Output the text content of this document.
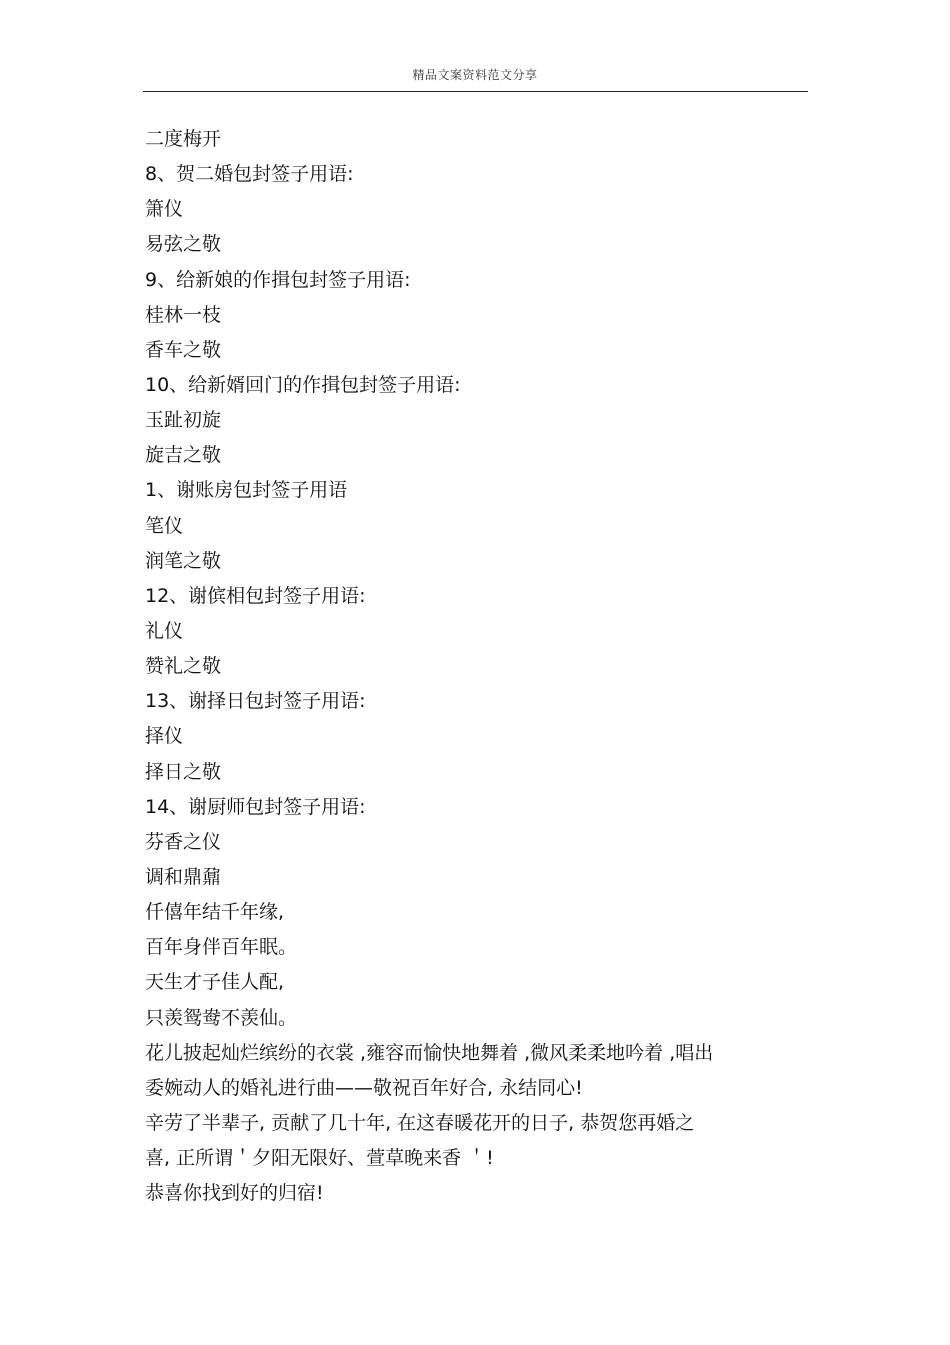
精品文案资料范文分享
二度梅开
8、贺二婚包封签子用语:
箫仪
易弦之敬
9、给新娘的作揖包封签子用语:
桂林一枝
香车之敬
10、给新婿回门的作揖包封签子用语:
玉趾初旋
旋吉之敬
1、谢账房包封签子用语
笔仪
润笔之敬
12、谢傧相包封签子用语:
礼仪
赞礼之敬
13、谢择日包封签子用语:
择仪
择日之敬
14、谢厨师包封签子用语:
芬香之仪
调和鼎鼐
仟僖年结千年缘,
百年身伴百年眠。
天生才子佳人配,
只羡鸳鸯不羡仙。
花儿披起灿烂缤纷的衣裳 ,雍容而愉快地舞着 ,微风柔柔地吟着 ,唱出
委婉动人的婚礼进行曲——敬祝百年好合, 永结同心!
辛劳了半辈子, 贡献了几十年, 在这春暖花开的日子, 恭贺您再婚之
喜, 正所谓＇夕阳无限好、萱草晚来香 ＇!
恭喜你找到好的归宿!
